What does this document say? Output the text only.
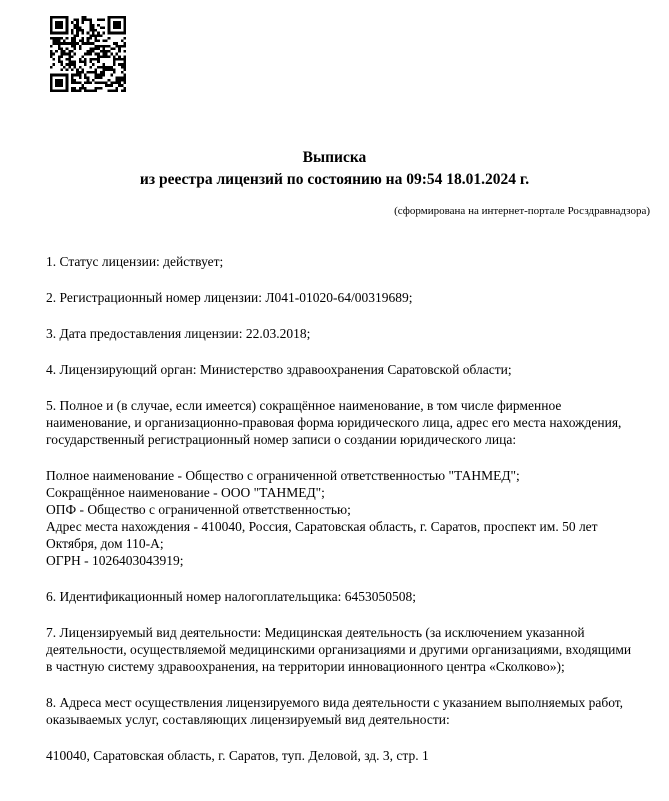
Выписка
из реестра лицензий по состоянию на 09:54 18.01.2024 г.
(сформирована на интернет-портале Росздравнадзора)

1. Статус лицензии: действует;

2. Регистрационный номер лицензии: Л041-01020-64/00319689;

3. Дата предоставления лицензии: 22.03.2018;

4. Лицензирующий орган: Министерство здравоохранения Саратовской области;

5. Полное и (в случае, если имеется) сокращённое наименование, в том числе фирменное наименование, и организационно-правовая форма юридического лица, адрес его места нахождения, государственный регистрационный номер записи о создании юридического лица:

Полное наименование - Общество с ограниченной ответственностью "ТАНМЕД";
Сокращённое наименование - ООО "ТАНМЕД";
ОПФ - Общество с ограниченной ответственностью;
Адрес места нахождения - 410040, Россия, Саратовская область, г. Саратов, проспект им. 50 лет Октября, дом 110-А;
ОГРН - 1026403043919;

6. Идентификационный номер налогоплательщика: 6453050508;

7. Лицензируемый вид деятельности: Медицинская деятельность (за исключением указанной деятельности, осуществляемой медицинскими организациями и другими организациями, входящими в частную систему здравоохранения, на территории инновационного центра «Сколково»);

8. Адреса мест осуществления лицензируемого вида деятельности с указанием выполняемых работ, оказываемых услуг, составляющих лицензируемый вид деятельности:

410040, Саратовская область, г. Саратов, туп. Деловой, зд. 3, стр. 1
